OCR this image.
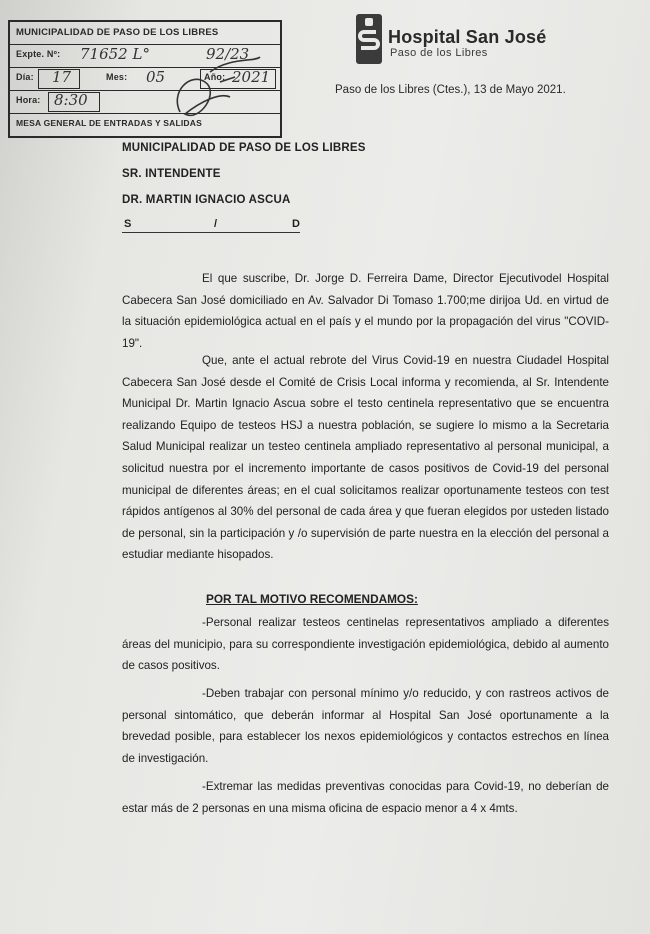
MUNICIPALIDAD DE PASO DE LOS LIBRES
Expte. Nº: 71652 L°	92/23
Día: 17	Mes: 05	Año: 2021
Hora: 8:30
MESA GENERAL DE ENTRADAS Y SALIDAS
Hospital San José
Paso de los Libres
Paso de los Libres (Ctes.), 13 de Mayo 2021.
MUNICIPALIDAD DE PASO DE LOS LIBRES
SR. INTENDENTE
DR. MARTIN IGNACIO ASCUA
S	/	D

El que suscribe, Dr. Jorge D. Ferreira Dame, Director Ejecutivodel Hospital Cabecera San José domiciliado en Av. Salvador Di Tomaso 1.700;me dirijoa Ud. en virtud de la situación epidemiológica actual en el país y el mundo por la propagación del virus "COVID-19".

Que, ante el actual rebrote del Virus Covid-19 en nuestra Ciudadel Hospital Cabecera San José desde el Comité de Crisis Local informa y recomienda, al Sr. Intendente Municipal Dr. Martin Ignacio Ascua sobre el testo centinela representativo que se encuentra realizando Equipo de testeos HSJ a nuestra población, se sugiere lo mismo a la Secretaria Salud Municipal realizar un testeo centinela ampliado representativo al personal municipal, a solicitud nuestra por el incremento importante de casos positivos de Covid-19 del personal municipal de diferentes áreas; en el cual solicitamos realizar oportunamente testeos con test rápidos antígenos al 30% del personal de cada área y que fueran elegidos por usteden listado de personal, sin la participación y /o supervisión de parte nuestra en la elección del personal a estudiar mediante hisopados.

POR TAL MOTIVO RECOMENDAMOS:

-Personal realizar testeos centinelas representativos ampliado a diferentes áreas del municipio, para su correspondiente investigación epidemiológica, debido al aumento de casos positivos.

-Deben trabajar con personal mínimo y/o reducido, y con rastreos activos de personal sintomático, que deberán informar al Hospital San José oportunamente a la brevedad posible, para establecer los nexos epidemiológicos y contactos estrechos en línea de investigación.

-Extremar las medidas preventivas conocidas para Covid-19, no deberían de estar más de 2 personas en una misma oficina de espacio menor a 4 x 4mts.
